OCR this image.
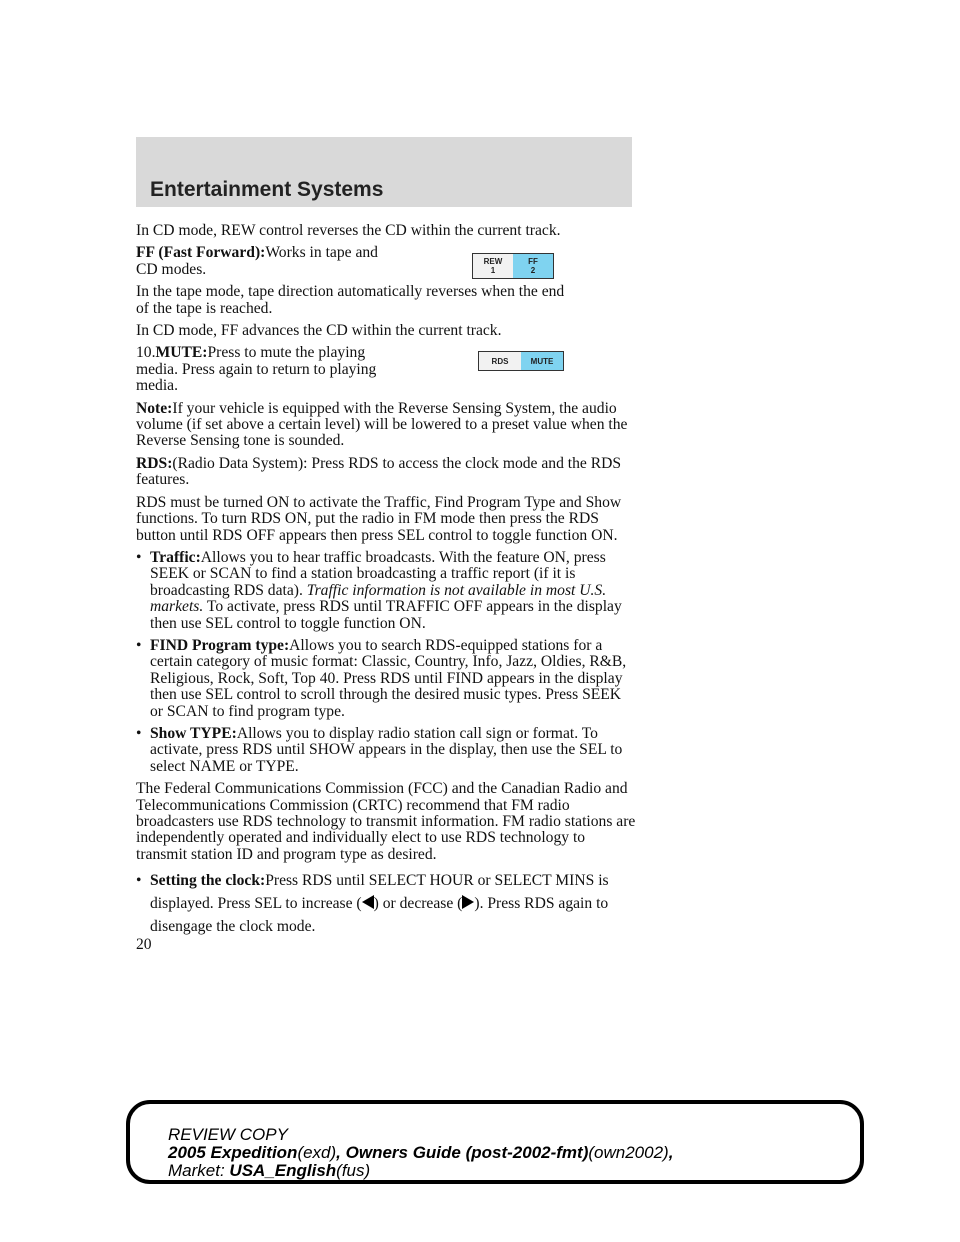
Entertainment Systems
REW
1
FF
2
RDS	MUTE

In CD mode, REW control reverses the CD within the current track.

FF (Fast Forward):Works in tape and CD modes.

In the tape mode, tape direction automatically reverses when the end of the tape is reached.

In CD mode, FF advances the CD within the current track.

10.MUTE:Press to mute the playing media. Press again to return to playing media.

Note:If your vehicle is equipped with the Reverse Sensing System, the audio volume (if set above a certain level) will be lowered to a preset value when the Reverse Sensing tone is sounded.

RDS:(Radio Data System): Press RDS to access the clock mode and the RDS features.

RDS must be turned ON to activate the Traffic, Find Program Type and Show functions. To turn RDS ON, put the radio in FM mode then press the RDS button until RDS OFF appears then press SEL control to toggle function ON.

• Traffic:Allows you to hear traffic broadcasts. With the feature ON, press SEEK or SCAN to find a station broadcasting a traffic report (if it is broadcasting RDS data). Traffic information is not available in most U.S. markets. To activate, press RDS until TRAFFIC OFF appears in the display then use SEL control to toggle function ON.
• FIND Program type:Allows you to search RDS-equipped stations for a certain category of music format: Classic, Country, Info, Jazz, Oldies, R&B, Religious, Rock, Soft, Top 40. Press RDS until FIND appears in the display then use SEL control to scroll through the desired music types. Press SEEK or SCAN to find program type.
• Show TYPE:Allows you to display radio station call sign or format. To activate, press RDS until SHOW appears in the display, then use the SEL to select NAME or TYPE.

The Federal Communications Commission (FCC) and the Canadian Radio and Telecommunications Commission (CRTC) recommend that FM radio broadcasters use RDS technology to transmit information. FM radio stations are independently operated and individually elect to use RDS technology to transmit station ID and program type as desired.

• Setting the clock:Press RDS until SELECT HOUR or SELECT MINS is displayed. Press SEL to increase ( ) or decrease ( ). Press RDS again to disengage the clock mode.
20
REVIEW COPY
2005 Expedition(exd), Owners Guide (post-2002-fmt)(own2002),
Market: USA_English(fus)
